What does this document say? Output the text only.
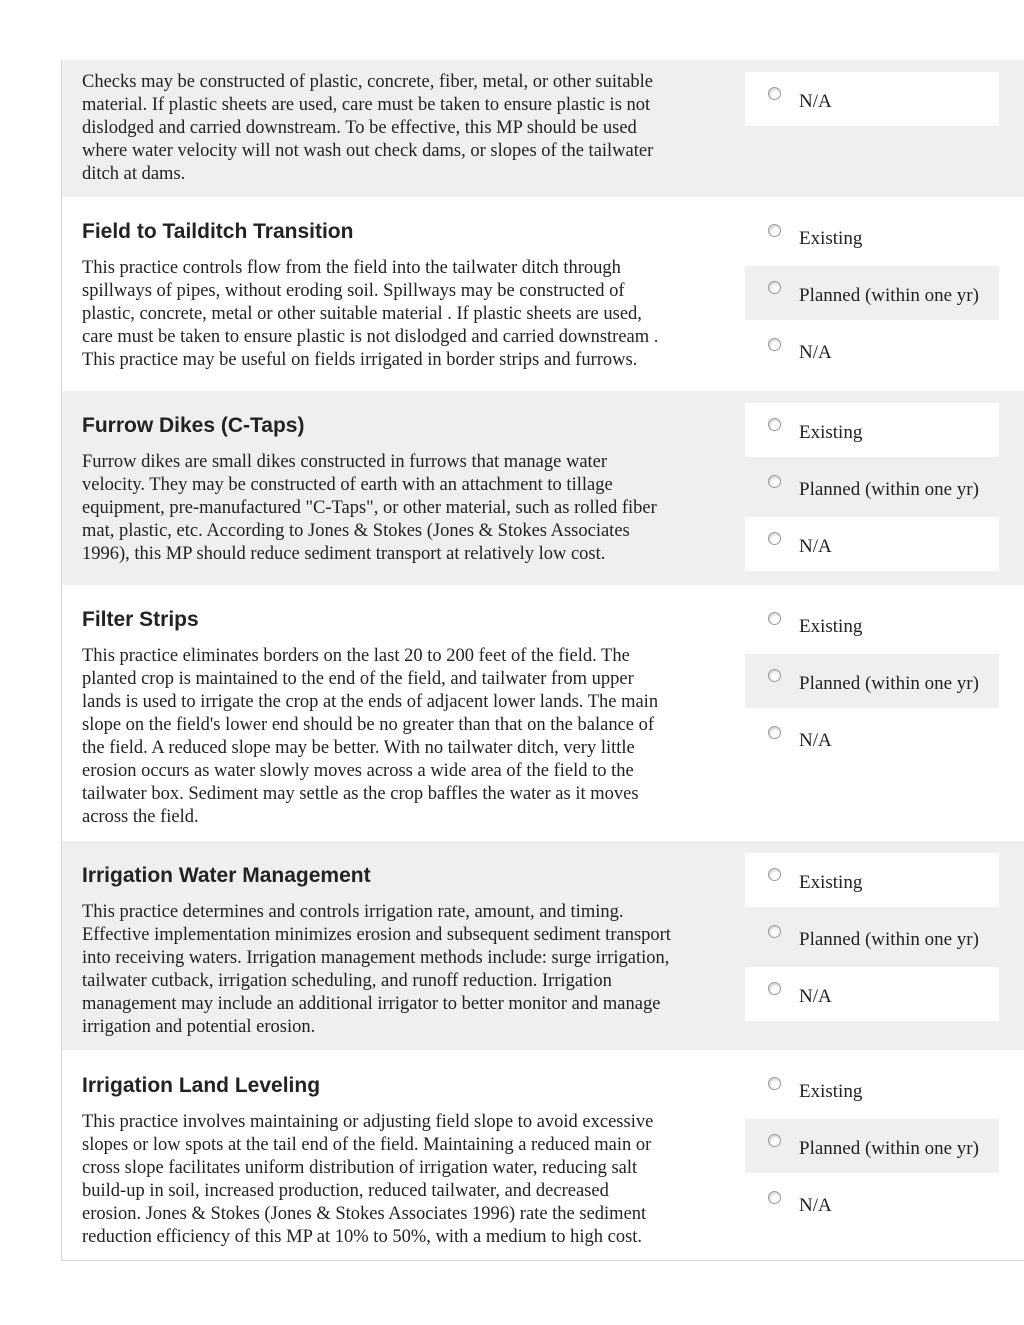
Checks may be constructed of plastic, concrete, fiber, metal, or other suitable
material. If plastic sheets are used, care must be taken to ensure plastic is not
dislodged and carried downstream. To be effective, this MP should be used
where water velocity will not wash out check dams, or slopes of the tailwater
ditch at dams.

N/A
Field to Tailditch Transition

This practice controls flow from the field into the tailwater ditch through
spillways of pipes, without eroding soil. Spillways may be constructed of
plastic, concrete, metal or other suitable material . If plastic sheets are used,
care must be taken to ensure plastic is not dislodged and carried downstream .
This practice may be useful on fields irrigated in border strips and furrows.

Existing
Planned (within one yr)
N/A
Furrow Dikes (C-Taps)

Furrow dikes are small dikes constructed in furrows that manage water
velocity. They may be constructed of earth with an attachment to tillage
equipment, pre-manufactured "C-Taps", or other material, such as rolled fiber
mat, plastic, etc. According to Jones & Stokes (Jones & Stokes Associates
1996), this MP should reduce sediment transport at relatively low cost.

Existing
Planned (within one yr)
N/A
Filter Strips

This practice eliminates borders on the last 20 to 200 feet of the field. The
planted crop is maintained to the end of the field, and tailwater from upper
lands is used to irrigate the crop at the ends of adjacent lower lands. The main
slope on the field's lower end should be no greater than that on the balance of
the field. A reduced slope may be better. With no tailwater ditch, very little
erosion occurs as water slowly moves across a wide area of the field to the
tailwater box. Sediment may settle as the crop baffles the water as it moves
across the field.

Existing
Planned (within one yr)
N/A
Irrigation Water Management

This practice determines and controls irrigation rate, amount, and timing.
Effective implementation minimizes erosion and subsequent sediment transport
into receiving waters. Irrigation management methods include: surge irrigation,
tailwater cutback, irrigation scheduling, and runoff reduction. Irrigation
management may include an additional irrigator to better monitor and manage
irrigation and potential erosion.

Existing
Planned (within one yr)
N/A
Irrigation Land Leveling

This practice involves maintaining or adjusting field slope to avoid excessive
slopes or low spots at the tail end of the field. Maintaining a reduced main or
cross slope facilitates uniform distribution of irrigation water, reducing salt
build-up in soil, increased production, reduced tailwater, and decreased
erosion. Jones & Stokes (Jones & Stokes Associates 1996) rate the sediment
reduction efficiency of this MP at 10% to 50%, with a medium to high cost.

Existing
Planned (within one yr)
N/A
